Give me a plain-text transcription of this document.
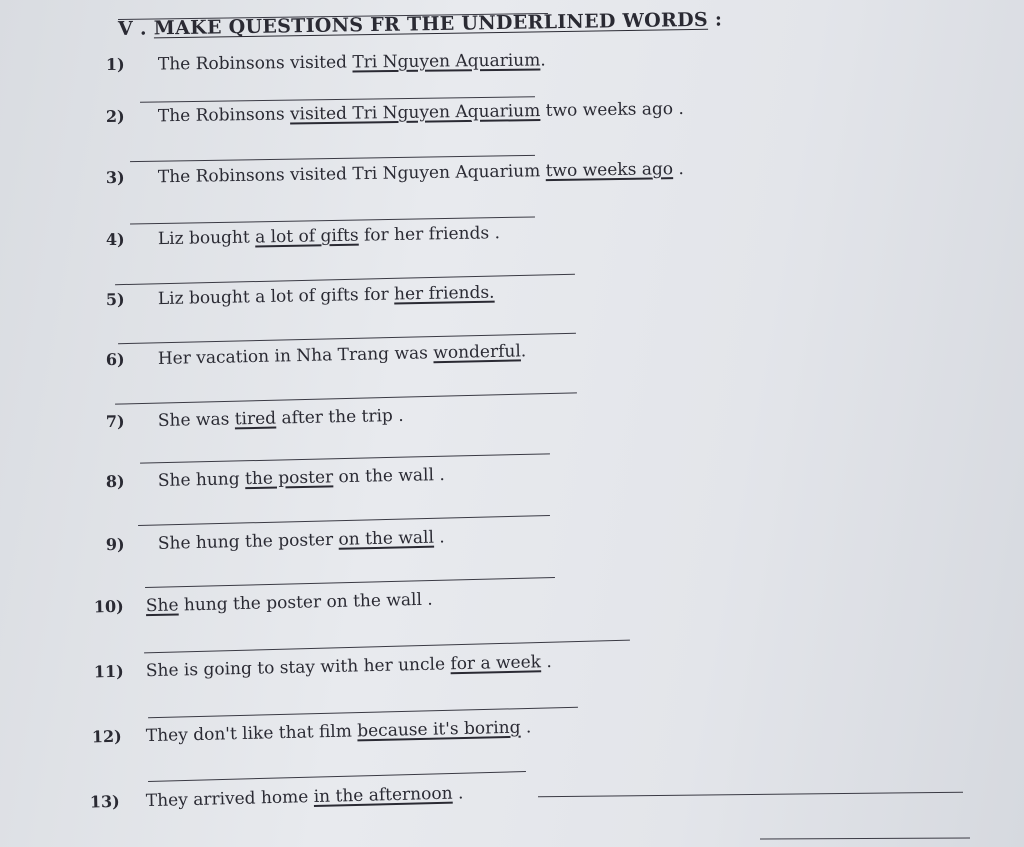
V . MAKE QUESTIONS FR THE UNDERLINED WORDS :
1)	The Robinsons visited Tri Nguyen Aquarium.
2)	The Robinsons visited Tri Nguyen Aquarium two weeks ago .
3)	The Robinsons visited Tri Nguyen Aquarium two weeks ago .
4)	Liz bought a lot of gifts for her friends .
5)	Liz bought a lot of gifts for her friends.
6)	Her vacation in Nha Trang was wonderful.
7)	She was tired after the trip .
8)	She hung the poster on the wall .
9)	She hung the poster on the wall .
10)	She hung the poster on the wall .
11)	She is going to stay with her uncle for a week .
12)	They don't like that film because it's boring .
13)	They arrived home in the afternoon .
